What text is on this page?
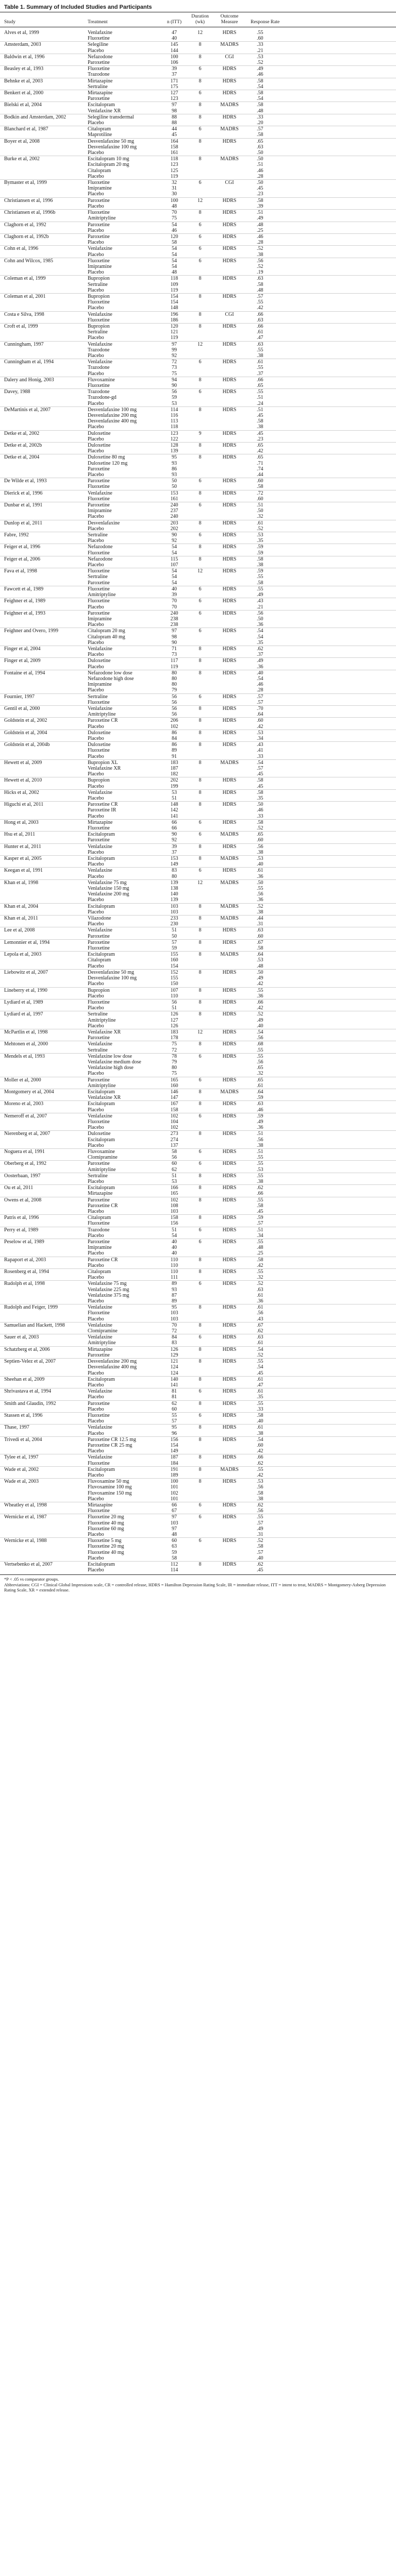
Table 1. Summary of Included Studies and Participants
Study	Treatment	n (ITT)	Duration (wk)	Outcome Measure	Response Rate
Alves et al, 1999	Venlafaxine	47	12	HDRS	.55
	Fluoxetine	40			.60
Amsterdam, 2003	Selegiline	145	8	MADRS	.33
	Placebo	144			.21
Baldwin et al, 1996	Nefazodone	100	8	CGI	.53
	Paroxetine	106			.52
Beasley et al, 1993	Fluoxetine	39	6	HDRS	.49
	Trazodone	37			.46
Behnke et al, 2003	Mirtazapine	171	8	HDRS	.58
	Sertraline	175			.54
Benkert et al, 2000	Mirtazapine	127	6	HDRS	.58
	Paroxetine	123			.54
Bielski et al, 2004	Escitalopram	97	8	MADRS	.58
	Venlafaxine XR	98			.48
Bodkin and Amsterdam, 2002	Selegiline transdermal	88	8	HDRS	.33
	Placebo	88			.20
Blanchard et al, 1987	Citalopram	44	6	MADRS	.57
	Maprotiline	45			.58
Boyer et al, 2008	Desvenlafaxine 50 mg	164	8	HDRS	.65
	Desvenlafaxine 100 mg	158			.63
	Placebo	161			.50
Burke et al, 2002	Escitalopram 10 mg	118	8	MADRS	.50
	Escitalopram 20 mg	123			.51
	Citalopram	125			.46
	Placebo	119			.28
Bymaster et al, 1999	Fluoxetine	32	6	CGI	.50
	Imipramine	31			.45
	Placebo	30			.23
Christiansen et al, 1996	Paroxetine	100	12	HDRS	.58
	Placebo	48			.39
Christiansen et al, 1996b	Fluoxetine	70	8	HDRS	.51
	Amitriptyline	75			.49
Claghorn et al, 1992	Paroxetine	54	6	HDRS	.48
	Placebo	46			.25
Claghorn et al, 1992b	Paroxetine	120	6	HDRS	.46
	Placebo	58			.28
Cohn et al, 1996	Venlafaxine	54	6	HDRS	.52
	Placebo	54			.38
Cohn and Wilcox, 1985	Fluoxetine	54	6	HDRS	.56
	Imipramine	54			.52
	Placebo	48			.19
Coleman et al, 1999	Bupropion	118	8	HDRS	.63
	Sertraline	109			.58
	Placebo	119			.48
Coleman et al, 2001	Bupropion	154	8	HDRS	.57
	Fluoxetine	154			.55
	Placebo	148			.42
Costa e Silva, 1998	Venlafaxine	196	8	CGI	.66
	Fluoxetine	186			.63
Croft et al, 1999	Bupropion	120	8	HDRS	.66
	Sertraline	121			.61
	Placebo	119			.47
Cunningham, 1997	Venlafaxine	97	12	HDRS	.63
	Trazodone	99			.55
	Placebo	92			.38
Cunningham et al, 1994	Venlafaxine	72	6	HDRS	.61
	Trazodone	73			.55
	Placebo	75			.37
Dalery and Honig, 2003	Fluvoxamine	94	8	HDRS	.66
	Fluoxetine	90			.65
Davey, 1988	Trazodone	56	6	HDRS	.55
	Trazodone-gd	59			.51
	Placebo	53			.24
DeMartinis et al, 2007	Desvenlafaxine 100 mg	114	8	HDRS	.51
	Desvenlafaxine 200 mg	116			.45
	Desvenlafaxine 400 mg	113			.58
	Placebo	118			.38
Detke et al, 2002	Duloxetine	123	9	HDRS	.45
	Placebo	122			.23
Detke et al, 2002b	Duloxetine	128	8	HDRS	.65
	Placebo	139			.42
Detke et al, 2004	Duloxetine 80 mg	95	8	HDRS	.65
	Duloxetine 120 mg	93			.71
	Paroxetine	86			.74
	Placebo	93			.44
De Wilde et al, 1993	Paroxetine	50	6	HDRS	.60
	Fluoxetine	50			.58
Dierick et al, 1996	Venlafaxine	153	8	HDRS	.72
	Fluoxetine	161			.60
Dunbar et al, 1991	Paroxetine	240	6	HDRS	.51
	Imipramine	237			.50
	Placebo	240			.32
Dunlop et al, 2011	Desvenlafaxine	203	8	HDRS	.61
	Placebo	202			.52
Fabre, 1992	Sertraline	90	6	HDRS	.53
	Placebo	92			.35
Feiger et al, 1996	Nefazodone	54	8	HDRS	.59
	Fluoxetine	54			.59
Feiger et al, 2006	Nefazodone	115	8	HDRS	.58
	Placebo	107			.38
Fava et al, 1998	Fluoxetine	54	12	HDRS	.59
	Sertraline	54			.55
	Paroxetine	54			.58
Fawcett et al, 1989	Fluoxetine	40	6	HDRS	.55
	Amitriptyline	39			.49
Feighner et al, 1989	Fluoxetine	70	6	HDRS	.43
	Placebo	70			.21
Feighner et al, 1993	Paroxetine	240	6	HDRS	.56
	Imipramine	238			.50
	Placebo	238			.36
Feighner and Overo, 1999	Citalopram 20 mg	97	6	HDRS	.54
	Citalopram 40 mg	98			.54
	Placebo	90			.35
Finger et al, 2004	Venlafaxine	71	8	HDRS	.62
	Placebo	73			.37
Finger et al, 2009	Duloxetine	117	8	HDRS	.49
	Placebo	119			.36
Fontaine et al, 1994	Nefazodone low dose	80	8	HDRS	.40
	Nefazodone high dose	80			.54
	Imipramine	80			.46
	Placebo	79			.28
Fournier, 1997	Sertraline	56	6	HDRS	.57
	Fluoxetine	56			.57
Gentil et al, 2000	Venlafaxine	56	8	HDRS	.70
	Amitriptyline	56			.64
Goldstein et al, 2002	Paroxetine CR	206	8	HDRS	.60
	Placebo	102			.42
Goldstein et al, 2004	Duloxetine	86	8	HDRS	.53
	Placebo	84			.34
Goldstein et al, 2004b	Duloxetine	86	8	HDRS	.43
	Fluoxetine	89			.41
	Placebo	91			.33
Hewett et al, 2009	Bupropion XL	183	8	MADRS	.54
	Venlafaxine XR	187			.57
	Placebo	182			.45
Hewett et al, 2010	Bupropion	202	8	HDRS	.58
	Placebo	199			.45
Hicks et al, 2002	Venlafaxine	53	8	HDRS	.58
	Placebo	51			.35
Higuchi et al, 2011	Paroxetine CR	148	8	HDRS	.50
	Paroxetine IR	142			.46
	Placebo	141			.33
Hong et al, 2003	Mirtazapine	66	6	HDRS	.58
	Fluoxetine	66			.52
Hsu et al, 2011	Escitalopram	90	6	MADRS	.65
	Paroxetine	92			.60
Hunter et al, 2011	Venlafaxine	39	8	HDRS	.56
	Placebo	37			.38
Kasper et al, 2005	Escitalopram	153	8	MADRS	.53
	Placebo	149			.40
Keegan et al, 1991	Venlafaxine	83	6	HDRS	.61
	Placebo	80			.36
Khan et al, 1998	Venlafaxine 75 mg	139	12	MADRS	.50
	Venlafaxine 150 mg	138			.55
	Venlafaxine 200 mg	140			.56
	Placebo	139			.36
Khan et al, 2004	Escitalopram	103	8	MADRS	.52
	Placebo	103			.38
Khan et al, 2011	Vilazodone	233	8	MADRS	.44
	Placebo	230			.31
Lee et al, 2008	Venlafaxine	51	8	HDRS	.63
	Paroxetine	50			.60
Lemonnier et al, 1994	Paroxetine	57	8	HDRS	.67
	Fluoxetine	59			.58
Lepola et al, 2003	Escitalopram	155	8	MADRS	.64
	Citalopram	160			.53
	Placebo	154			.48
Liebowitz et al, 2007	Desvenlafaxine 50 mg	152	8	HDRS	.50
	Desvenlafaxine 100 mg	155			.49
	Placebo	150			.42
Lineberry et al, 1990	Bupropion	107	8	HDRS	.55
	Placebo	110			.36
Lydiard et al, 1989	Fluoxetine	56	8	HDRS	.66
	Placebo	51			.42
Lydiard et al, 1997	Sertraline	126	8	HDRS	.52
	Amitriptyline	127			.49
	Placebo	126			.40
McPartlin et al, 1998	Venlafaxine XR	183	12	HDRS	.54
	Paroxetine	178			.56
Mehtonen et al, 2000	Venlafaxine	75	8	HDRS	.68
	Sertraline	72			.55
Mendels et al, 1993	Venlafaxine low dose	78	6	HDRS	.55
	Venlafaxine medium dose	79			.56
	Venlafaxine high dose	80			.65
	Placebo	75			.32
Moller et al, 2000	Paroxetine	165	6	HDRS	.65
	Amitriptyline	160			.61
Montgomery et al, 2004	Escitalopram	146	8	MADRS	.64
	Venlafaxine XR	147			.59
Moreno et al, 2003	Escitalopram	167	8	HDRS	.63
	Placebo	158			.46
Nemeroff et al, 2007	Venlafaxine	102	6	HDRS	.59
	Fluoxetine	104			.49
	Placebo	102			.36
Nierenberg et al, 2007	Duloxetine	273	8	HDRS	.51
	Escitalopram	274			.56
	Placebo	137			.38
Noguera et al, 1991	Fluvoxamine	58	6	HDRS	.51
	Clomipramine	56			.55
Oberberg et al, 1992	Paroxetine	60	6	HDRS	.55
	Amitriptyline	62			.53
Oosterbaan, 1997	Sertraline	51	8	HDRS	.55
	Placebo	53			.38
Ou et al, 2011	Escitalopram	166	8	HDRS	.62
	Mirtazapine	165			.66
Owens et al, 2008	Paroxetine	102	8	HDRS	.55
	Paroxetine CR	108			.58
	Placebo	103			.45
Patris et al, 1996	Citalopram	158	8	HDRS	.59
	Fluoxetine	156			.57
Perry et al, 1989	Trazodone	51	6	HDRS	.51
	Placebo	54			.34
Peselow et al, 1989	Paroxetine	40	6	HDRS	.55
	Imipramine	40			.48
	Placebo	40			.25
Rapaport et al, 2003	Paroxetine CR	110	8	HDRS	.58
	Placebo	110			.42
Rosenberg et al, 1994	Citalopram	110	8	HDRS	.55
	Placebo	111			.32
Rudolph et al, 1998	Venlafaxine 75 mg	89	6	HDRS	.52
	Venlafaxine 225 mg	93			.63
	Venlafaxine 375 mg	87			.61
	Placebo	89			.36
Rudolph and Feiger, 1999	Venlafaxine	95	8	HDRS	.61
	Fluoxetine	103			.56
	Placebo	103			.43
Samuelian and Hackett, 1998	Venlafaxine	70	8	HDRS	.67
	Clomipramine	72			.62
Sauer et al, 2003	Venlafaxine	84	6	HDRS	.63
	Amitriptyline	83			.61
Schatzberg et al, 2006	Mirtazapine	126	8	HDRS	.54
	Paroxetine	129			.52
Septien-Velez et al, 2007	Desvenlafaxine 200 mg	121	8	HDRS	.55
	Desvenlafaxine 400 mg	124			.54
	Placebo	124			.45
Sheehan et al, 2009	Escitalopram	140	8	HDRS	.61
	Placebo	141			.47
Shrivastava et al, 1994	Venlafaxine	81	6	HDRS	.61
	Placebo	81			.35
Smith and Glaudin, 1992	Paroxetine	62	8	HDRS	.55
	Placebo	60			.33
Stassen et al, 1996	Fluoxetine	55	6	HDRS	.58
	Placebo	57			.40
Thase, 1997	Venlafaxine	95	8	HDRS	.61
	Placebo	96			.38
Trivedi et al, 2004	Paroxetine CR 12.5 mg	156	8	HDRS	.54
	Paroxetine CR 25 mg	154			.60
	Placebo	149			.42
Tylee et al, 1997	Venlafaxine	187	8	HDRS	.66
	Fluoxetine	184			.62
Wade et al, 2002	Escitalopram	191	8	MADRS	.55
	Placebo	189			.42
Wade et al, 2003	Fluvoxamine 50 mg	100	8	HDRS	.53
	Fluvoxamine 100 mg	101			.56
	Fluvoxamine 150 mg	102			.58
	Placebo	101			.38
Wheatley et al, 1998	Mirtazapine	66	6	HDRS	.62
	Fluoxetine	67			.56
Wernicke et al, 1987	Fluoxetine 20 mg	97	6	HDRS	.55
	Fluoxetine 40 mg	103			.57
	Fluoxetine 60 mg	97			.49
	Placebo	48			.31
Wernicke et al, 1988	Fluoxetine 5 mg	60	6	HDRS	.52
	Fluoxetine 20 mg	63			.58
	Fluoxetine 40 mg	59			.57
	Placebo	58			.40
Vertsebenko et al, 2007	Escitalopram	112	8	HDRS	.62
	Placebo	114			.45
*P < .05 vs comparator groups.
Abbreviations: CGI = Clinical Global Impressions scale, CR = controlled release, HDRS = Hamilton Depression Rating Scale, IR = immediate release, ITT = intent to treat, MADRS = Montgomery-Asberg Depression Rating Scale, XR = extended release.
